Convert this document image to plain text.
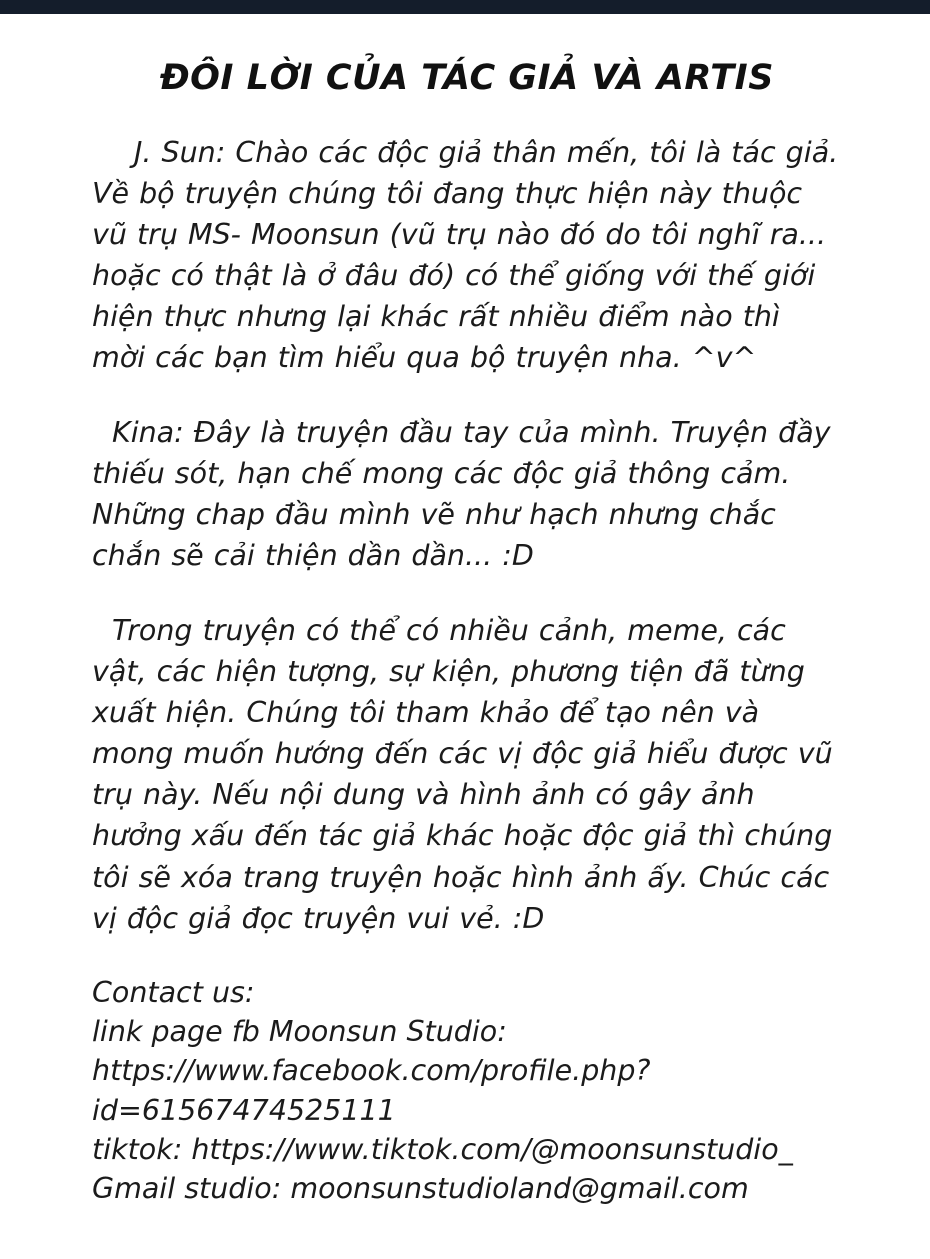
ĐÔI LỜI CỦA TÁC GIẢ VÀ ARTIS

J. Sun: Chào các độc giả thân mến, tôi là tác giả. Về bộ truyện chúng tôi đang thực hiện này thuộc vũ trụ MS- Moonsun (vũ trụ nào đó do tôi nghĩ ra... hoặc có thật là ở đâu đó) có thể giống với thế giới hiện thực nhưng lại khác rất nhiều điểm nào thì mời các bạn tìm hiểu qua bộ truyện nha. ^v^

Kina: Đây là truyện đầu tay của mình. Truyện đầy thiếu sót, hạn chế mong các độc giả thông cảm. Những chap đầu mình vẽ như hạch nhưng chắc chắn sẽ cải thiện dần dần... :D

Trong truyện có thể có nhiều cảnh, meme, các vật, các hiện tượng, sự kiện, phương tiện đã từng xuất hiện. Chúng tôi tham khảo để tạo nên và mong muốn hướng đến các vị độc giả hiểu được vũ trụ này. Nếu nội dung và hình ảnh có gây ảnh hưởng xấu đến tác giả khác hoặc độc giả thì chúng tôi sẽ xóa trang truyện hoặc hình ảnh ấy. Chúc các vị độc giả đọc truyện vui vẻ. :D

Contact us:

link page fb Moonsun Studio:

https://www.facebook.com/profile.php?id=61567474525111

tiktok: https://www.tiktok.com/@moonsunstudio_

Gmail studio: moonsunstudioland@gmail.com
